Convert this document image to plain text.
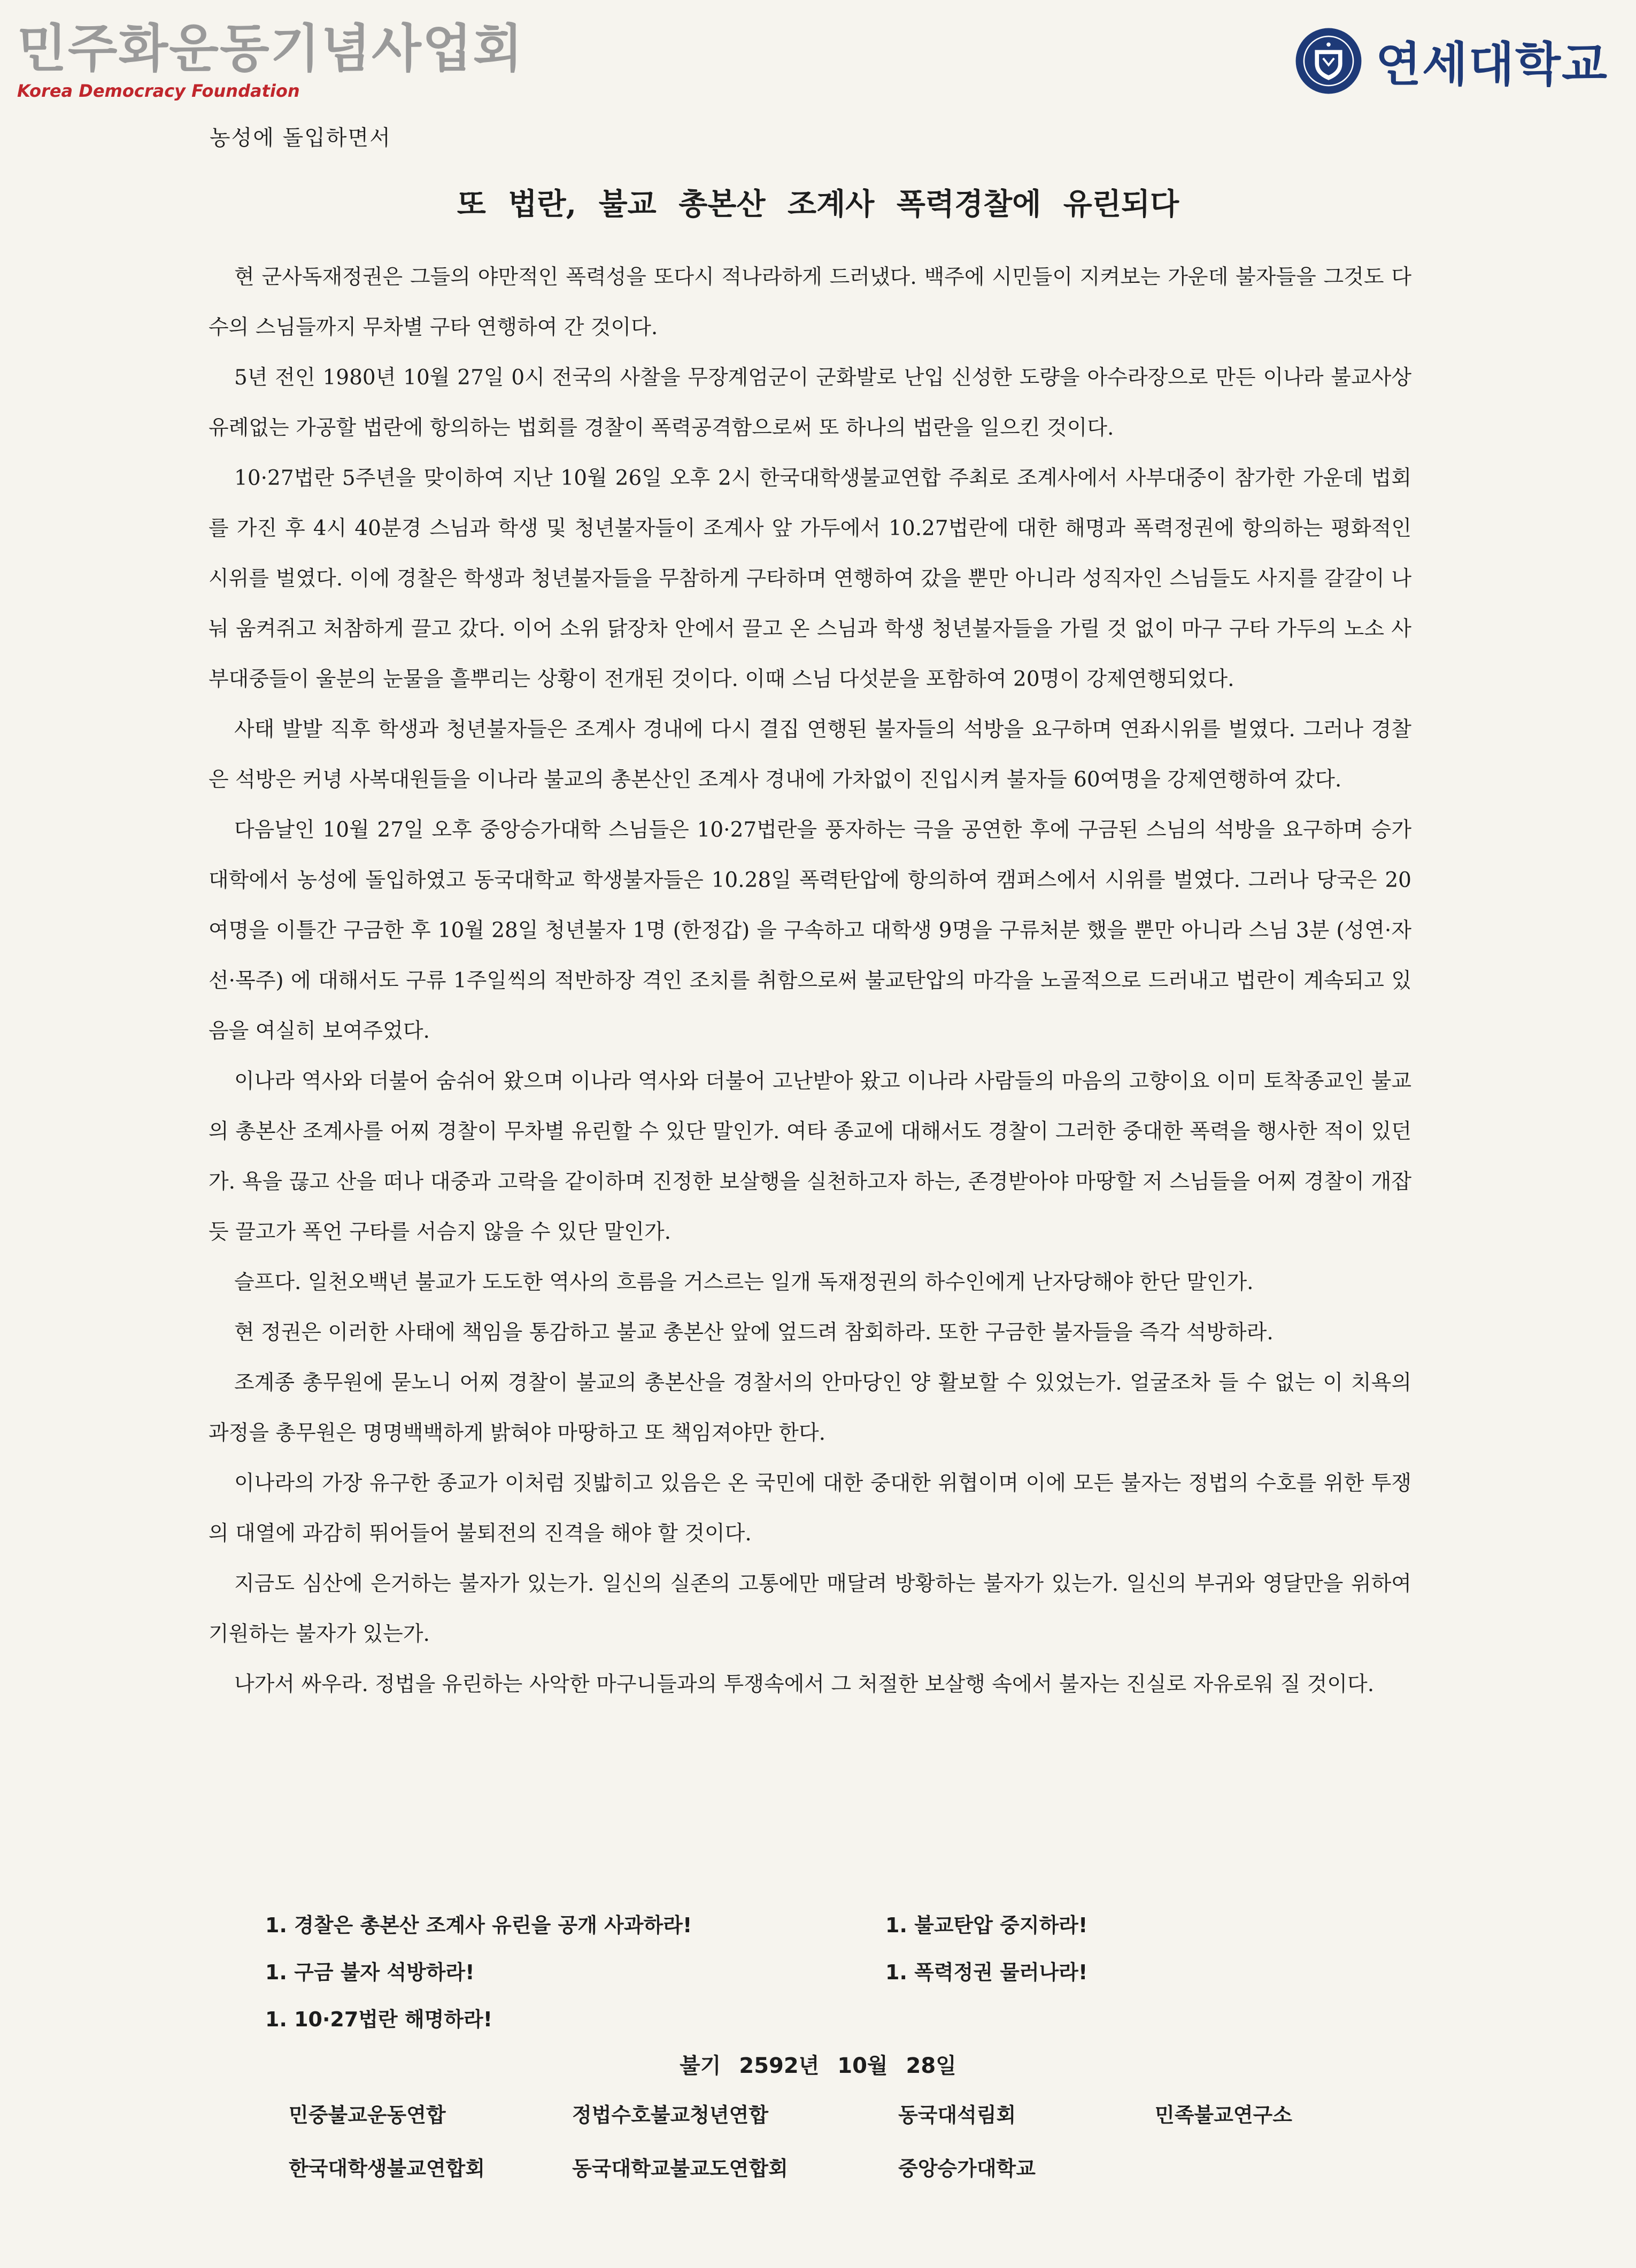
민주화운동기념사업회
Korea Democracy Foundation	연세대학교
농성에 돌입하면서
또 법란, 불교 총본산 조계사 폭력경찰에 유린되다

현 군사독재정권은 그들의 야만적인 폭력성을 또다시 적나라하게 드러냈다. 백주에 시민들이 지켜보는 가운데 불자들을 그것도 다수의 스님들까지 무차별 구타 연행하여 간 것이다.

5년 전인 1980년 10월 27일 0시 전국의 사찰을 무장계엄군이 군화발로 난입 신성한 도량을 아수라장으로 만든 이나라 불교사상 유례없는 가공할 법란에 항의하는 법회를 경찰이 폭력공격함으로써 또 하나의 법란을 일으킨 것이다.

10·27법란 5주년을 맞이하여 지난 10월 26일 오후 2시 한국대학생불교연합 주최로 조계사에서 사부대중이 참가한 가운데 법회를 가진 후 4시 40분경 스님과 학생 및 청년불자들이 조계사 앞 가두에서 10.27법란에 대한 해명과 폭력정권에 항의하는 평화적인 시위를 벌였다. 이에 경찰은 학생과 청년불자들을 무참하게 구타하며 연행하여 갔을 뿐만 아니라 성직자인 스님들도 사지를 갈갈이 나눠 움켜쥐고 처참하게 끌고 갔다. 이어 소위 닭장차 안에서 끌고 온 스님과 학생 청년불자들을 가릴 것 없이 마구 구타 가두의 노소 사부대중들이 울분의 눈물을 흘뿌리는 상황이 전개된 것이다. 이때 스님 다섯분을 포함하여 20명이 강제연행되었다.

사태 발발 직후 학생과 청년불자들은 조계사 경내에 다시 결집 연행된 불자들의 석방을 요구하며 연좌시위를 벌였다. 그러나 경찰은 석방은 커녕 사복대원들을 이나라 불교의 총본산인 조계사 경내에 가차없이 진입시켜 불자들 60여명을 강제연행하여 갔다.

다음날인 10월 27일 오후 중앙승가대학 스님들은 10·27법란을 풍자하는 극을 공연한 후에 구금된 스님의 석방을 요구하며 승가대학에서 농성에 돌입하였고 동국대학교 학생불자들은 10.28일 폭력탄압에 항의하여 캠퍼스에서 시위를 벌였다. 그러나 당국은 20여명을 이틀간 구금한 후 10월 28일 청년불자 1명 (한정갑) 을 구속하고 대학생 9명을 구류처분 했을 뿐만 아니라 스님 3분 (성연·자선·목주) 에 대해서도 구류 1주일씩의 적반하장 격인 조치를 취함으로써 불교탄압의 마각을 노골적으로 드러내고 법란이 계속되고 있음을 여실히 보여주었다.

이나라 역사와 더불어 숨쉬어 왔으며 이나라 역사와 더불어 고난받아 왔고 이나라 사람들의 마음의 고향이요 이미 토착종교인 불교의 총본산 조계사를 어찌 경찰이 무차별 유린할 수 있단 말인가. 여타 종교에 대해서도 경찰이 그러한 중대한 폭력을 행사한 적이 있던가. 욕을 끊고 산을 떠나 대중과 고락을 같이하며 진정한 보살행을 실천하고자 하는, 존경받아야 마땅할 저 스님들을 어찌 경찰이 개잡듯 끌고가 폭언 구타를 서슴지 않을 수 있단 말인가.

슬프다. 일천오백년 불교가 도도한 역사의 흐름을 거스르는 일개 독재정권의 하수인에게 난자당해야 한단 말인가.

현 정권은 이러한 사태에 책임을 통감하고 불교 총본산 앞에 엎드려 참회하라. 또한 구금한 불자들을 즉각 석방하라.

조계종 총무원에 묻노니 어찌 경찰이 불교의 총본산을 경찰서의 안마당인 양 활보할 수 있었는가. 얼굴조차 들 수 없는 이 치욕의 과정을 총무원은 명명백백하게 밝혀야 마땅하고 또 책임져야만 한다.

이나라의 가장 유구한 종교가 이처럼 짓밟히고 있음은 온 국민에 대한 중대한 위협이며 이에 모든 불자는 정법의 수호를 위한 투쟁의 대열에 과감히 뛰어들어 불퇴전의 진격을 해야 할 것이다.

지금도 심산에 은거하는 불자가 있는가. 일신의 실존의 고통에만 매달려 방황하는 불자가 있는가. 일신의 부귀와 영달만을 위하여 기원하는 불자가 있는가.

나가서 싸우라. 정법을 유린하는 사악한 마구니들과의 투쟁속에서 그 처절한 보살행 속에서 불자는 진실로 자유로워 질 것이다.

1. 경찰은 총본산 조계사 유린을 공개 사과하라!	1. 불교탄압 중지하라!
1. 구금 불자 석방하라!	1. 폭력정권 물러나라!
1. 10·27법란 해명하라!
불기 2592년 10월 28일
민중불교운동연합	정법수호불교청년연합	동국대석림회	민족불교연구소
한국대학생불교연합회	동국대학교불교도연합회	중앙승가대학교
